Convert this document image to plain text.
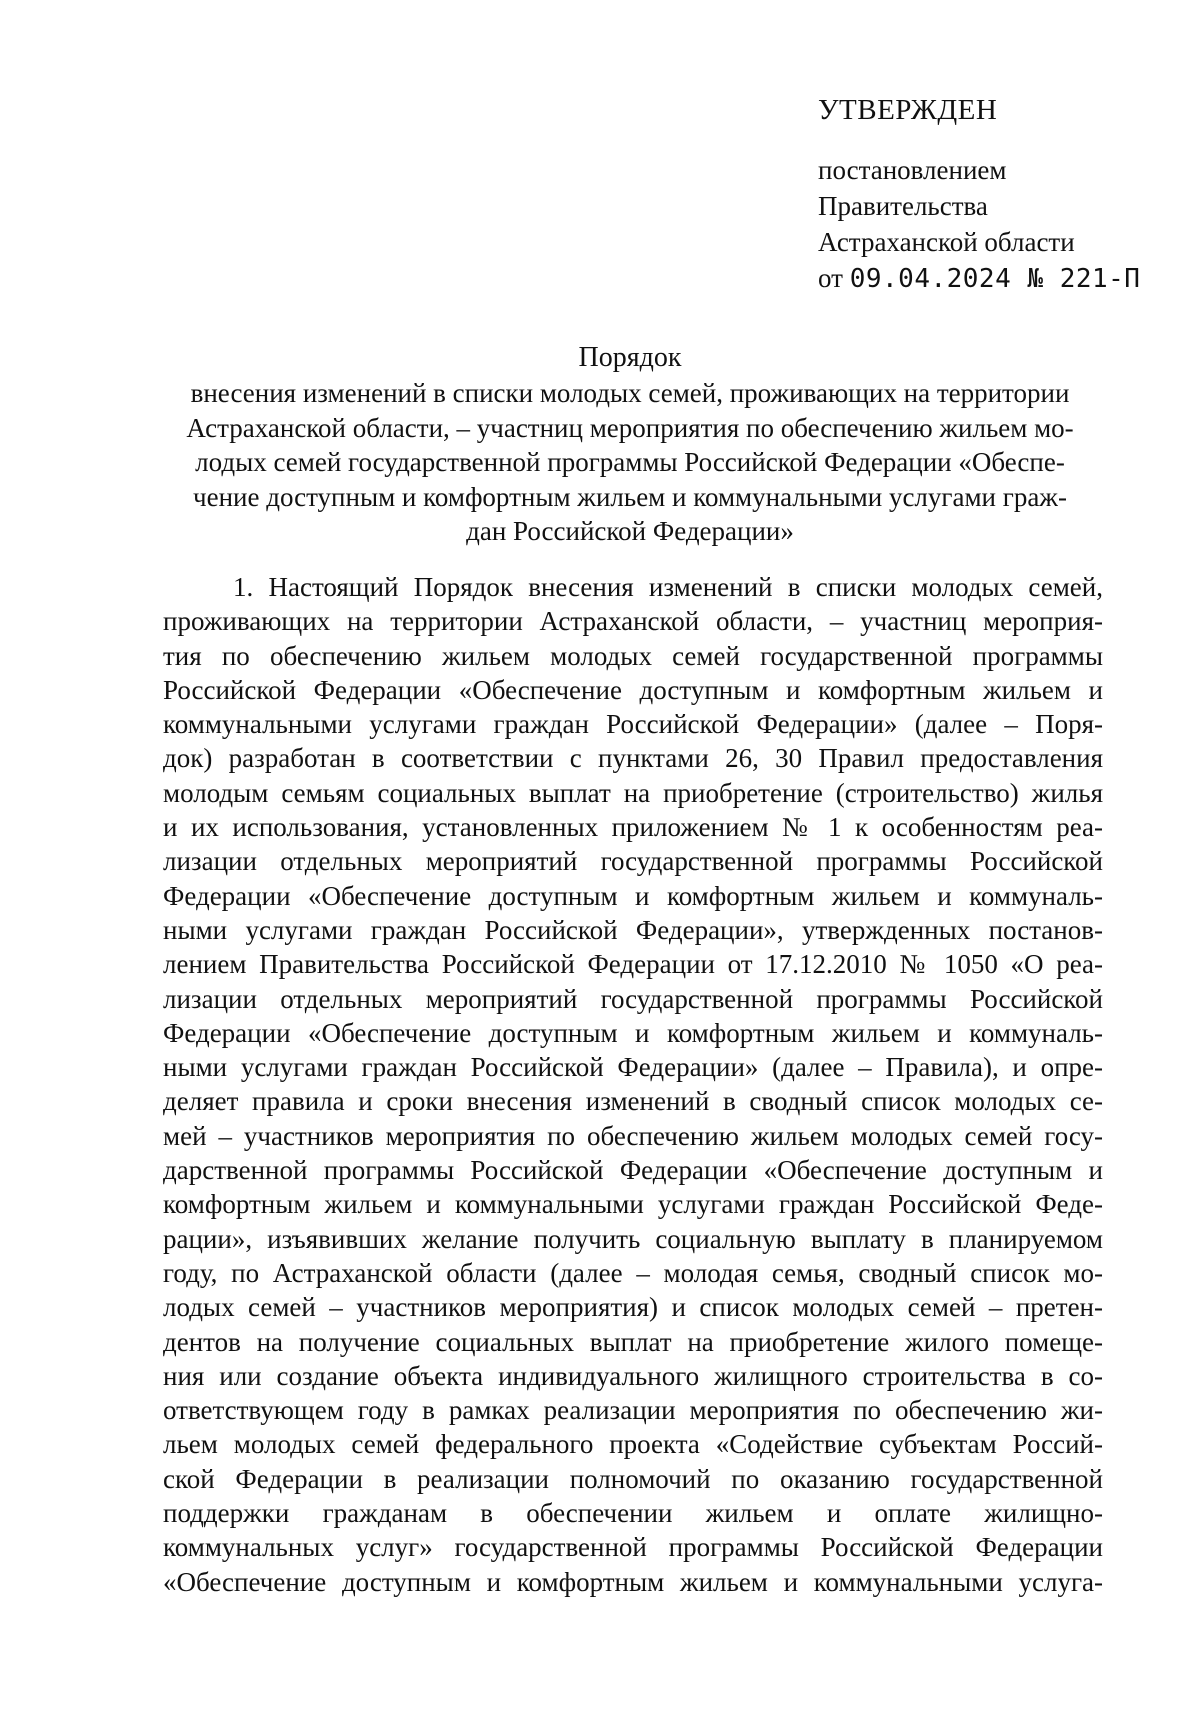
УТВЕРЖДЕН
постановлением
Правительства
Астраханской области
от 09.04.2024 № 221-П
Порядок
внесения изменений в списки молодых семей, проживающих на территории
Астраханской области, – участниц мероприятия по обеспечению жильем мо-
лодых семей государственной программы Российской Федерации «Обеспе-
чение доступным и комфортным жильем и коммунальными услугами граж-
дан Российской Федерации»
1. Настоящий Порядок внесения изменений в списки молодых семей,
проживающих на территории Астраханской области, – участниц мероприя-
тия по обеспечению жильем молодых семей государственной программы
Российской Федерации «Обеспечение доступным и комфортным жильем и
коммунальными услугами граждан Российской Федерации» (далее – Поря-
док) разработан в соответствии с пунктами 26, 30 Правил предоставления
молодым семьям социальных выплат на приобретение (строительство) жилья
и их использования, установленных приложением № 1 к особенностям реа-
лизации отдельных мероприятий государственной программы Российской
Федерации «Обеспечение доступным и комфортным жильем и коммуналь-
ными услугами граждан Российской Федерации», утвержденных постанов-
лением Правительства Российской Федерации от 17.12.2010 № 1050 «О реа-
лизации отдельных мероприятий государственной программы Российской
Федерации «Обеспечение доступным и комфортным жильем и коммуналь-
ными услугами граждан Российской Федерации» (далее – Правила), и опре-
деляет правила и сроки внесения изменений в сводный список молодых се-
мей – участников мероприятия по обеспечению жильем молодых семей госу-
дарственной программы Российской Федерации «Обеспечение доступным и
комфортным жильем и коммунальными услугами граждан Российской Феде-
рации», изъявивших желание получить социальную выплату в планируемом
году, по Астраханской области (далее – молодая семья, сводный список мо-
лодых семей – участников мероприятия) и список молодых семей – претен-
дентов на получение социальных выплат на приобретение жилого помеще-
ния или создание объекта индивидуального жилищного строительства в со-
ответствующем году в рамках реализации мероприятия по обеспечению жи-
льем молодых семей федерального проекта «Содействие субъектам Россий-
ской Федерации в реализации полномочий по оказанию государственной
поддержки гражданам в обеспечении жильем и оплате жилищно-
коммунальных услуг» государственной программы Российской Федерации
«Обеспечение доступным и комфортным жильем и коммунальными услуга-
